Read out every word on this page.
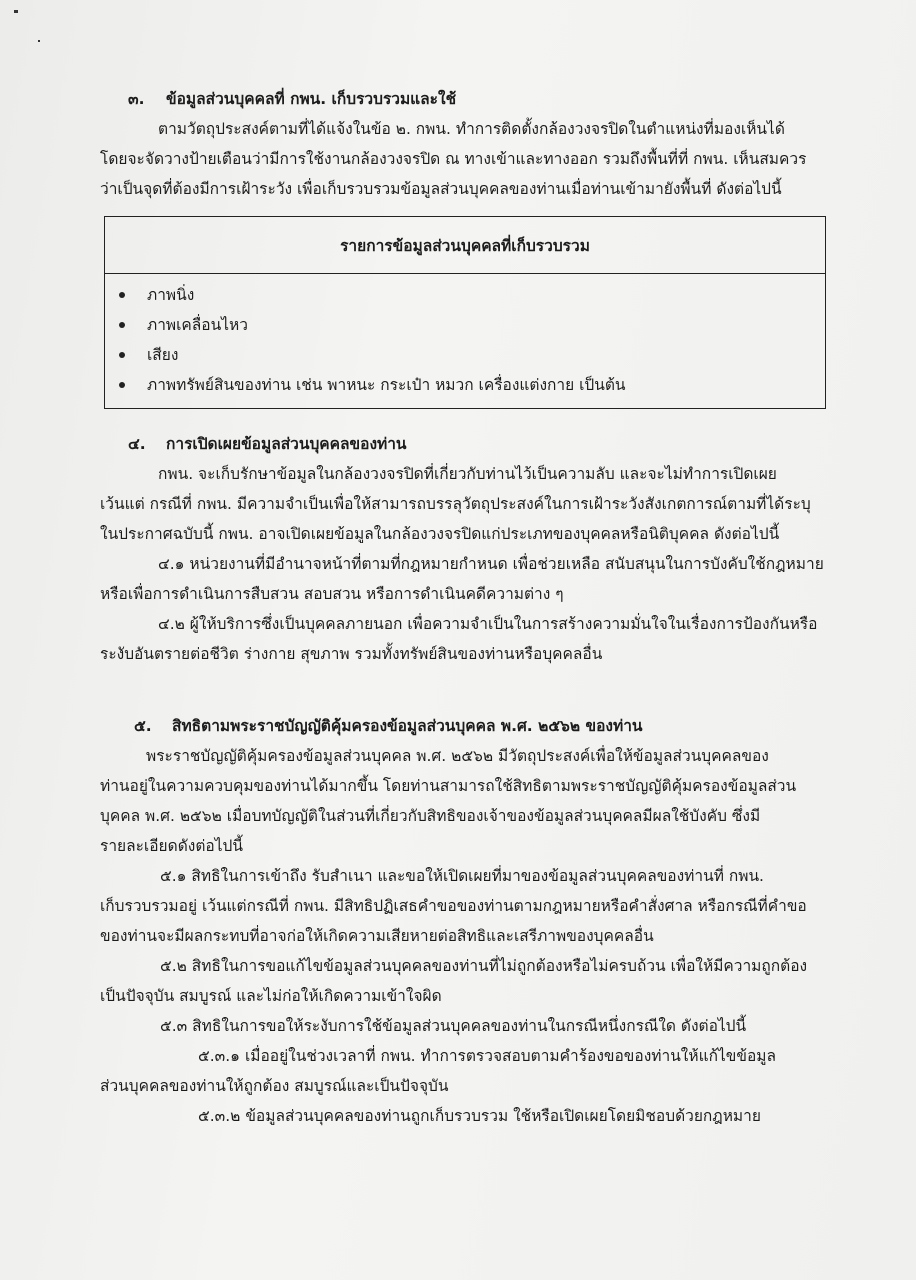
๓. ข้อมูลส่วนบุคคลที่ กพน. เก็บรวบรวมและใช้

ตามวัตถุประสงค์ตามที่ได้แจ้งในข้อ ๒. กพน. ทำการติดตั้งกล้องวงจรปิดในตำแหน่งที่มองเห็นได้

โดยจะจัดวางป้ายเตือนว่ามีการใช้งานกล้องวงจรปิด ณ ทางเข้าและทางออก รวมถึงพื้นที่ที่ กพน. เห็นสมควร

ว่าเป็นจุดที่ต้องมีการเฝ้าระวัง เพื่อเก็บรวบรวมข้อมูลส่วนบุคคลของท่านเมื่อท่านเข้ามายังพื้นที่ ดังต่อไปนี้

รายการข้อมูลส่วนบุคคลที่เก็บรวบรวม
ภาพนิ่ง
ภาพเคลื่อนไหว
เสียง
ภาพทรัพย์สินของท่าน เช่น พาหนะ กระเป๋า หมวก เครื่องแต่งกาย เป็นต้น

๔. การเปิดเผยข้อมูลส่วนบุคคลของท่าน

กพน. จะเก็บรักษาข้อมูลในกล้องวงจรปิดที่เกี่ยวกับท่านไว้เป็นความลับ และจะไม่ทำการเปิดเผย

เว้นแต่ กรณีที่ กพน. มีความจำเป็นเพื่อให้สามารถบรรลุวัตถุประสงค์ในการเฝ้าระวังสังเกตการณ์ตามที่ได้ระบุ

ในประกาศฉบับนี้ กพน. อาจเปิดเผยข้อมูลในกล้องวงจรปิดแก่ประเภทของบุคคลหรือนิติบุคคล ดังต่อไปนี้

๔.๑ หน่วยงานที่มีอำนาจหน้าที่ตามที่กฎหมายกำหนด เพื่อช่วยเหลือ สนับสนุนในการบังคับใช้กฎหมาย

หรือเพื่อการดำเนินการสืบสวน สอบสวน หรือการดำเนินคดีความต่าง ๆ

๔.๒ ผู้ให้บริการซึ่งเป็นบุคคลภายนอก เพื่อความจำเป็นในการสร้างความมั่นใจในเรื่องการป้องกันหรือ

ระงับอันตรายต่อชีวิต ร่างกาย สุขภาพ รวมทั้งทรัพย์สินของท่านหรือบุคคลอื่น

๕. สิทธิตามพระราชบัญญัติคุ้มครองข้อมูลส่วนบุคคล พ.ศ. ๒๕๖๒ ของท่าน

พระราชบัญญัติคุ้มครองข้อมูลส่วนบุคคล พ.ศ. ๒๕๖๒ มีวัตถุประสงค์เพื่อให้ข้อมูลส่วนบุคคลของ

ท่านอยู่ในความควบคุมของท่านได้มากขึ้น โดยท่านสามารถใช้สิทธิตามพระราชบัญญัติคุ้มครองข้อมูลส่วน

บุคคล พ.ศ. ๒๕๖๒ เมื่อบทบัญญัติในส่วนที่เกี่ยวกับสิทธิของเจ้าของข้อมูลส่วนบุคคลมีผลใช้บังคับ ซึ่งมี

รายละเอียดดังต่อไปนี้

๕.๑ สิทธิในการเข้าถึง รับสำเนา และขอให้เปิดเผยที่มาของข้อมูลส่วนบุคคลของท่านที่ กพน.

เก็บรวบรวมอยู่ เว้นแต่กรณีที่ กพน. มีสิทธิปฏิเสธคำขอของท่านตามกฎหมายหรือคำสั่งศาล หรือกรณีที่คำขอ

ของท่านจะมีผลกระทบที่อาจก่อให้เกิดความเสียหายต่อสิทธิและเสรีภาพของบุคคลอื่น

๕.๒ สิทธิในการขอแก้ไขข้อมูลส่วนบุคคลของท่านที่ไม่ถูกต้องหรือไม่ครบถ้วน เพื่อให้มีความถูกต้อง

เป็นปัจจุบัน สมบูรณ์ และไม่ก่อให้เกิดความเข้าใจผิด

๕.๓ สิทธิในการขอให้ระงับการใช้ข้อมูลส่วนบุคคลของท่านในกรณีหนึ่งกรณีใด ดังต่อไปนี้

๕.๓.๑ เมื่ออยู่ในช่วงเวลาที่ กพน. ทำการตรวจสอบตามคำร้องขอของท่านให้แก้ไขข้อมูล

ส่วนบุคคลของท่านให้ถูกต้อง สมบูรณ์และเป็นปัจจุบัน

๕.๓.๒ ข้อมูลส่วนบุคคลของท่านถูกเก็บรวบรวม ใช้หรือเปิดเผยโดยมิชอบด้วยกฎหมาย
